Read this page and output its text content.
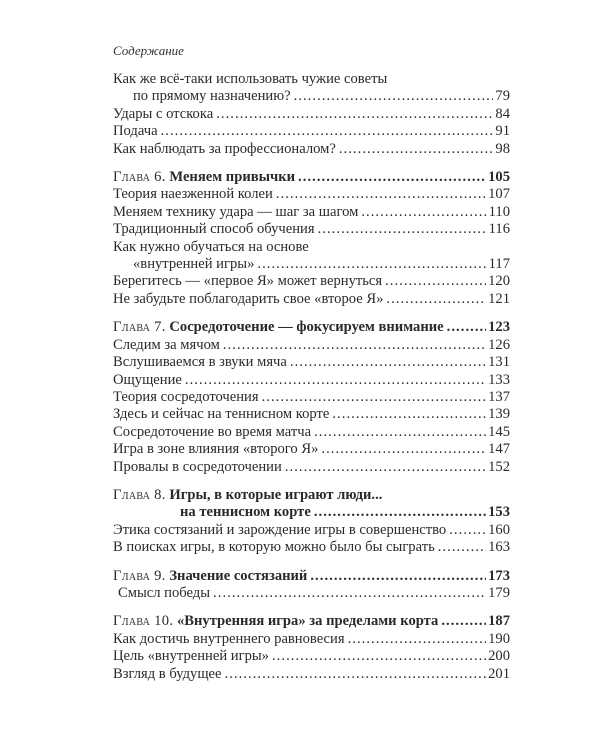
Содержание
Как же всё-таки использовать чужие советы
по прямому назначению? . . .	79
Удары с отскока . . .	84
Подача . . .	91
Как наблюдать за профессионалом? . . .	98
Глава 6.
Меняем привычки . . .	105
Теория наезженной колеи . . .	107
Меняем технику удара — шаг за шагом . . .	110
Традиционный способ обучения . . .	116
Как нужно обучаться на основе
«внутренней игры» . . .	117
Берегитесь — «первое Я» может вернуться . . .	120
Не забудьте поблагодарить свое «второе Я» . . .	121
Глава 7.
Сосредоточение — фокусируем внимание . . .	123
Следим за мячом . . .	126
Вслушиваемся в звуки мяча . . .	131
Ощущение . . .	133
Теория сосредоточения . . .	137
Здесь и сейчас на теннисном корте . . .	139
Сосредоточение во время матча . . .	145
Игра в зоне влияния «второго Я» . . .	147
Провалы в сосредоточении . . .	152
Глава 8.
Игры, в которые играют люди...
на теннисном корте . . .	153
Этика состязаний и зарождение игры в совершенство . . .	160
В поисках игры, в которую можно было бы сыграть . . .	163
Глава 9.
Значение состязаний . . .	173
Смысл победы . . .	179
Глава 10.
«Внутренняя игра» за пределами корта . . .	187
Как достичь внутреннего равновесия . . .	190
Цель «внутренней игры» . . .	200
Взгляд в будущее . . .	201
